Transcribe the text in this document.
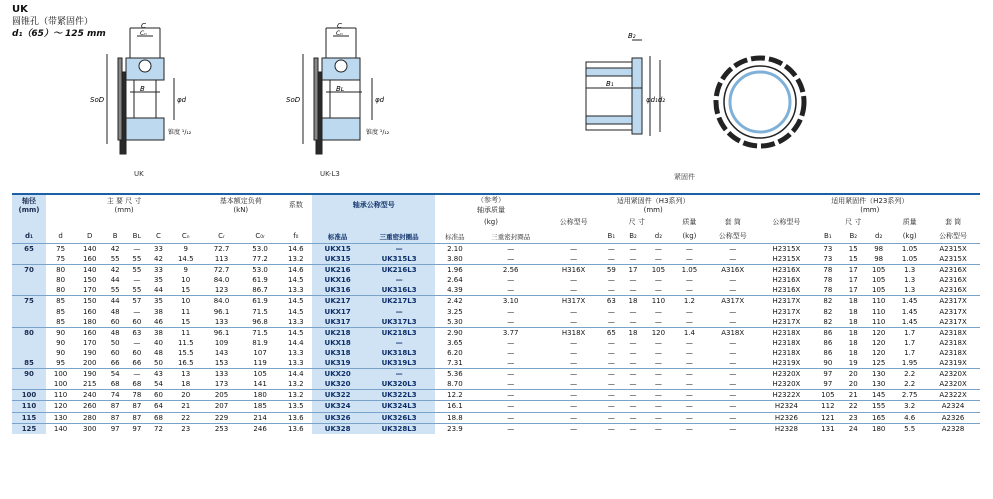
UK
圆锥孔（带紧固件）
d₁（65）～ 125 mm
C
Cₙ
B
SoD	φd
锥度 ¹/₁₂
UK
C
Cₙ
Bʟ
SoD	φd
锥度 ¹/₁₂
UK-L3
B₂
B₁
φd₁d₂
紧固件
轴径
(mm)	主 要 尺 寸
(mm)						基本额定负荷
(kN)		系数	轴承公称型号		（参考）
轴承质量		适用紧固件（H3系列）
(mm)						适用紧固件（H23系列）
(mm)					
												(kg)		公称型号	尺 寸			质量	套 筒	公称型号	尺 寸			质量	套 筒
d₁	d	D	B	Bʟ	C	Cₙ	Cᵣ	C₀ᵣ	f₀	标准品	三重密封圈品	标准品	三重密封圈品		B₁	B₂	d₂	(kg)	公称型号		B₁	B₂	d₂	(kg)	公称型号
65	75	140	42	—	33	9	72.7	53.0	14.6	UKX15	—	2.10	—	—	—	—	—	—	—	H2315X	73	15	98	1.05	A2315X
	75	160	55	55	42	14.5	113	77.2	13.2	UK315	UK315L3	3.80	—	—	—	—	—	—	—	H2315X	73	15	98	1.05	A2315X
70	80	140	42	55	33	9	72.7	53.0	14.6	UK216	UK216L3	1.96	2.56	H316X	59	17	105	1.05	A316X	H2316X	78	17	105	1.3	A2316X
	80	150	44	—	35	10	84.0	61.9	14.5	UKX16	—	2.64	—	—	—	—	—	—	—	H2316X	78	17	105	1.3	A2316X
	80	170	55	55	44	15	123	86.7	13.3	UK316	UK316L3	4.39	—	—	—	—	—	—	—	H2316X	78	17	105	1.3	A2316X
75	85	150	44	57	35	10	84.0	61.9	14.5	UK217	UK217L3	2.42	3.10	H317X	63	18	110	1.2	A317X	H2317X	82	18	110	1.45	A2317X
	85	160	48	—	38	11	96.1	71.5	14.5	UKX17	—	3.25	—	—	—	—	—	—	—	H2317X	82	18	110	1.45	A2317X
	85	180	60	60	46	15	133	96.8	13.3	UK317	UK317L3	5.30	—	—	—	—	—	—	—	H2317X	82	18	110	1.45	A2317X
80	90	160	48	63	38	11	96.1	71.5	14.5	UK218	UK218L3	2.90	3.77	H318X	65	18	120	1.4	A318X	H2318X	86	18	120	1.7	A2318X
	90	170	50	—	40	11.5	109	81.9	14.4	UKX18	—	3.65	—	—	—	—	—	—	—	H2318X	86	18	120	1.7	A2318X
	90	190	60	60	48	15.5	143	107	13.3	UK318	UK318L3	6.20	—	—	—	—	—	—	—	H2318X	86	18	120	1.7	A2318X
85	95	200	66	66	50	16.5	153	119	13.3	UK319	UK319L3	7.31	—	—	—	—	—	—	—	H2319X	90	19	125	1.95	A2319X
90	100	190	54	—	43	13	133	105	14.4	UKX20	—	5.36	—	—	—	—	—	—	—	H2320X	97	20	130	2.2	A2320X
	100	215	68	68	54	18	173	141	13.2	UK320	UK320L3	8.70	—	—	—	—	—	—	—	H2320X	97	20	130	2.2	A2320X
100	110	240	74	78	60	20	205	180	13.2	UK322	UK322L3	12.2	—	—	—	—	—	—	—	H2322X	105	21	145	2.75	A2322X
110	120	260	87	87	64	21	207	185	13.5	UK324	UK324L3	16.1	—	—	—	—	—	—	—	H2324	112	22	155	3.2	A2324
115	130	280	87	87	68	22	229	214	13.6	UK326	UK326L3	18.8	—	—	—	—	—	—	—	H2326	121	23	165	4.6	A2326
125	140	300	97	97	72	23	253	246	13.6	UK328	UK328L3	23.9	—	—	—	—	—	—	—	H2328	131	24	180	5.5	A2328
